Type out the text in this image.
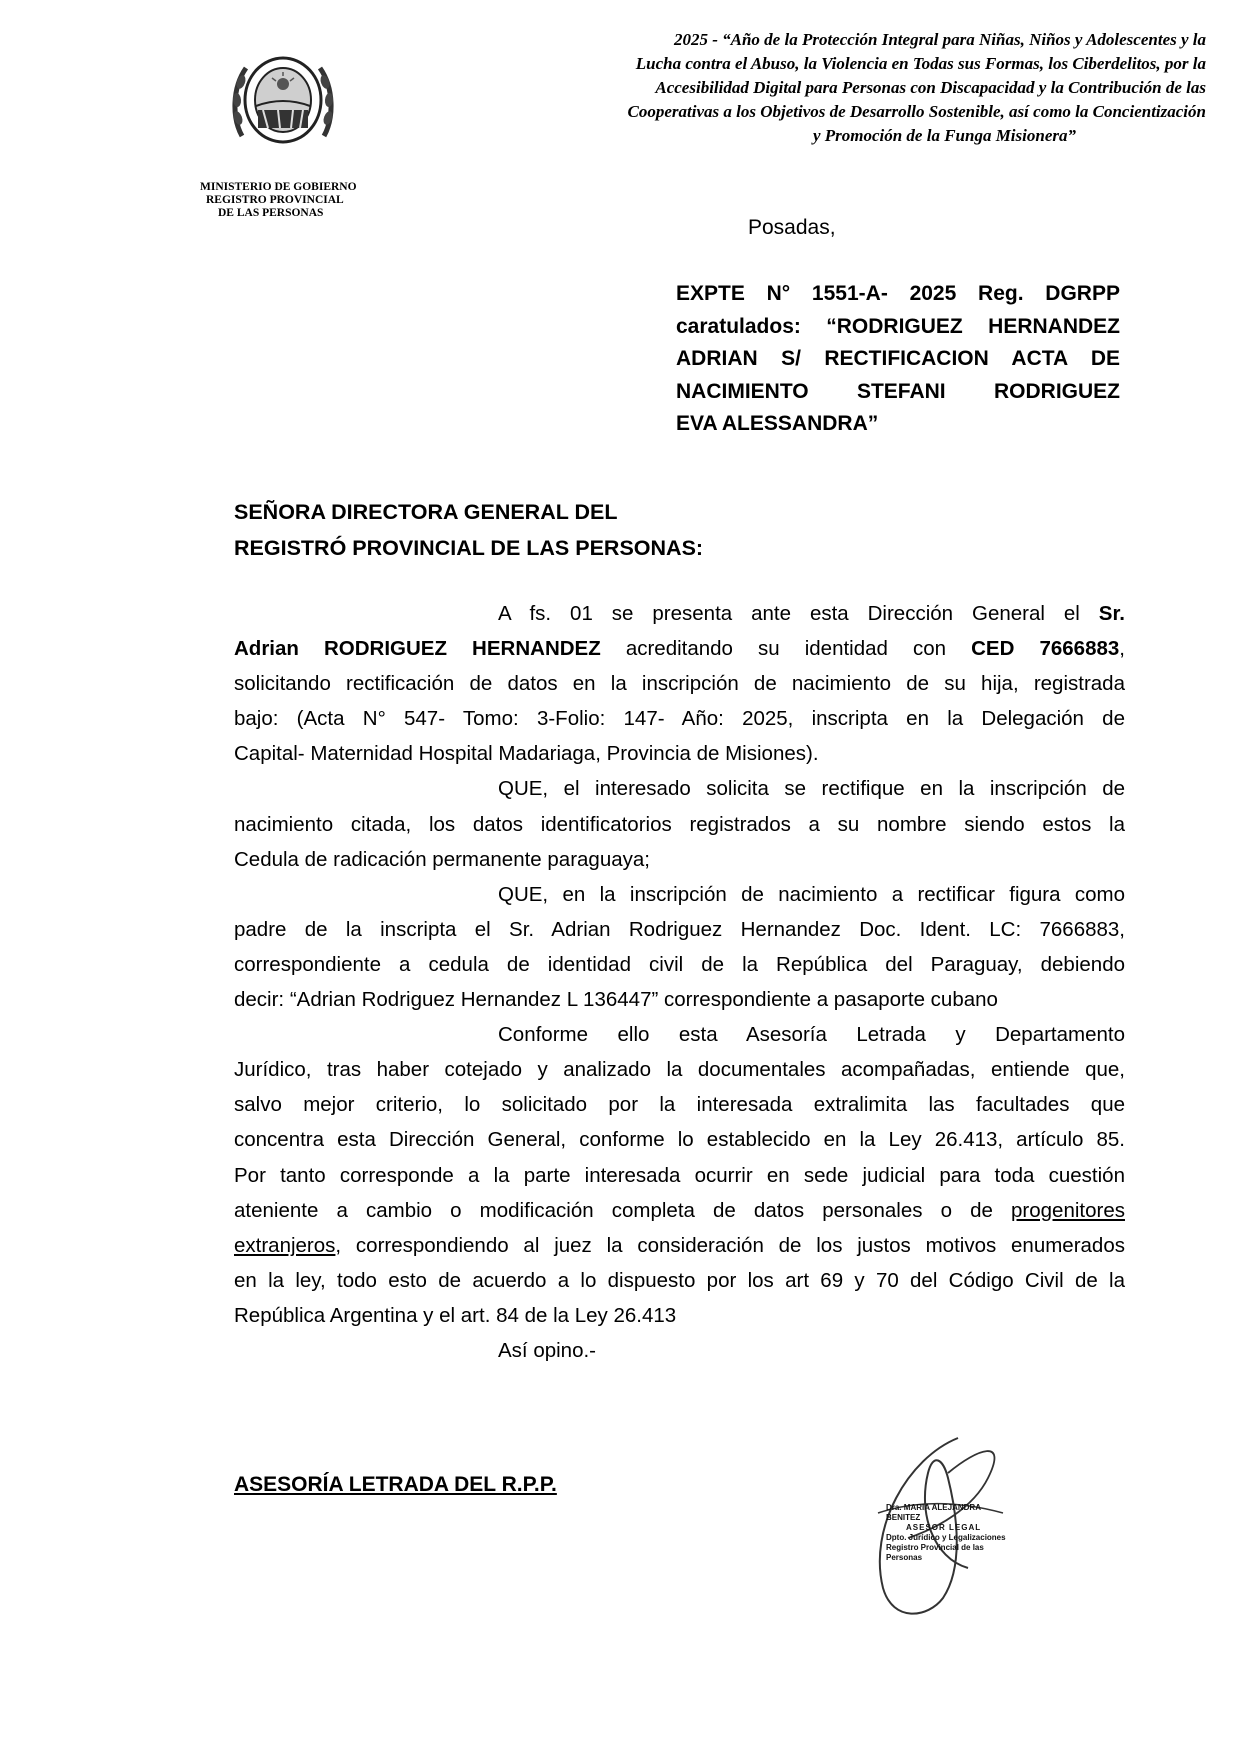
MINISTERIO DE GOBIERNO
REGISTRO PROVINCIAL
DE LAS PERSONAS
2025 - “Año de la Protección Integral para Niñas, Niños y Adolescentes y la
Lucha contra el Abuso, la Violencia en Todas sus Formas, los Ciberdelitos, por la
Accesibilidad Digital para Personas con Discapacidad y la Contribución de las
Cooperativas a los Objetivos de Desarrollo Sostenible, así como la Concientización
y Promoción de la Funga Misionera”
Posadas,
EXPTE N° 1551-A- 2025 Reg. DGRPP
caratulados: “RODRIGUEZ HERNANDEZ
ADRIAN S/ RECTIFICACION ACTA DE
NACIMIENTO STEFANI RODRIGUEZ
EVA ALESSANDRA”
SEÑORA DIRECTORA GENERAL DEL
REGISTRÓ PROVINCIAL DE LAS PERSONAS:
A fs. 01 se presenta ante esta Dirección General el Sr.
Adrian RODRIGUEZ HERNANDEZ acreditando su identidad con CED 7666883,
solicitando rectificación de datos en la inscripción de nacimiento de su hija, registrada
bajo: (Acta N° 547- Tomo: 3-Folio: 147- Año: 2025, inscripta en la Delegación de
Capital- Maternidad Hospital Madariaga, Provincia de Misiones).
QUE, el interesado solicita se rectifique en la inscripción de
nacimiento citada, los datos identificatorios registrados a su nombre siendo estos la
Cedula de radicación permanente paraguaya;
QUE, en la inscripción de nacimiento a rectificar figura como
padre de la inscripta el Sr. Adrian Rodriguez Hernandez Doc. Ident. LC: 7666883,
correspondiente a cedula de identidad civil de la República del Paraguay, debiendo
decir: “Adrian Rodriguez Hernandez L 136447” correspondiente a pasaporte cubano
Conforme ello esta Asesoría Letrada y Departamento
Jurídico, tras haber cotejado y analizado la documentales acompañadas, entiende que,
salvo mejor criterio, lo solicitado por la interesada extralimita las facultades que
concentra esta Dirección General, conforme lo establecido en la Ley 26.413, artículo 85.
Por tanto corresponde a la parte interesada ocurrir en sede judicial para toda cuestión
ateniente a cambio o modificación completa de datos personales o de progenitores
extranjeros, correspondiendo al juez la consideración de los justos motivos enumerados
en la ley, todo esto de acuerdo a lo dispuesto por los art 69 y 70 del Código Civil de la
República Argentina y el art. 84 de la Ley 26.413
Así opino.-
ASESORÍA LETRADA DEL R.P.P.
Dra. MARIA ALEJANDRA BENITEZ
ASESOR LEGAL
Dpto. Jurídico y Legalizaciones
Registro Provincial de las Personas
